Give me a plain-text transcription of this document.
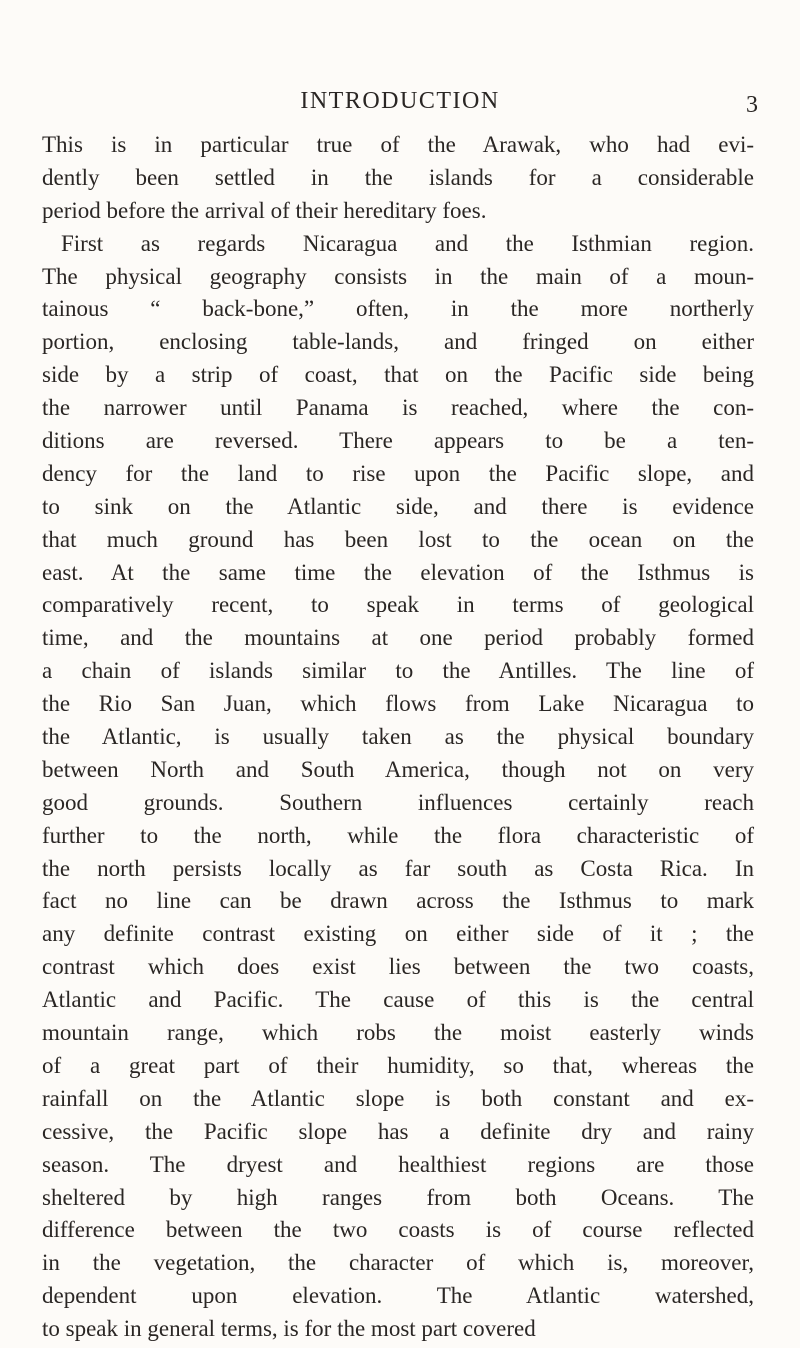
INTRODUCTION	3
This is in particular true of the Arawak, who had evi-
dently been settled in the islands for a considerable
period before the arrival of their hereditary foes.
First as regards Nicaragua and the Isthmian region.
The physical geography consists in the main of a moun-
tainous “ back-bone,” often, in the more northerly
portion, enclosing table-lands, and fringed on either
side by a strip of coast, that on the Pacific side being
the narrower until Panama is reached, where the con-
ditions are reversed. There appears to be a ten-
dency for the land to rise upon the Pacific slope, and
to sink on the Atlantic side, and there is evidence
that much ground has been lost to the ocean on the
east. At the same time the elevation of the Isthmus is
comparatively recent, to speak in terms of geological
time, and the mountains at one period probably formed
a chain of islands similar to the Antilles. The line of
the Rio San Juan, which flows from Lake Nicaragua to
the Atlantic, is usually taken as the physical boundary
between North and South America, though not on very
good grounds. Southern influences certainly reach
further to the north, while the flora characteristic of
the north persists locally as far south as Costa Rica. In
fact no line can be drawn across the Isthmus to mark
any definite contrast existing on either side of it ; the
contrast which does exist lies between the two coasts,
Atlantic and Pacific. The cause of this is the central
mountain range, which robs the moist easterly winds
of a great part of their humidity, so that, whereas the
rainfall on the Atlantic slope is both constant and ex-
cessive, the Pacific slope has a definite dry and rainy
season. The dryest and healthiest regions are those
sheltered by high ranges from both Oceans. The
difference between the two coasts is of course reflected
in the vegetation, the character of which is, moreover,
dependent upon elevation. The Atlantic watershed,
to speak in general terms, is for the most part covered
